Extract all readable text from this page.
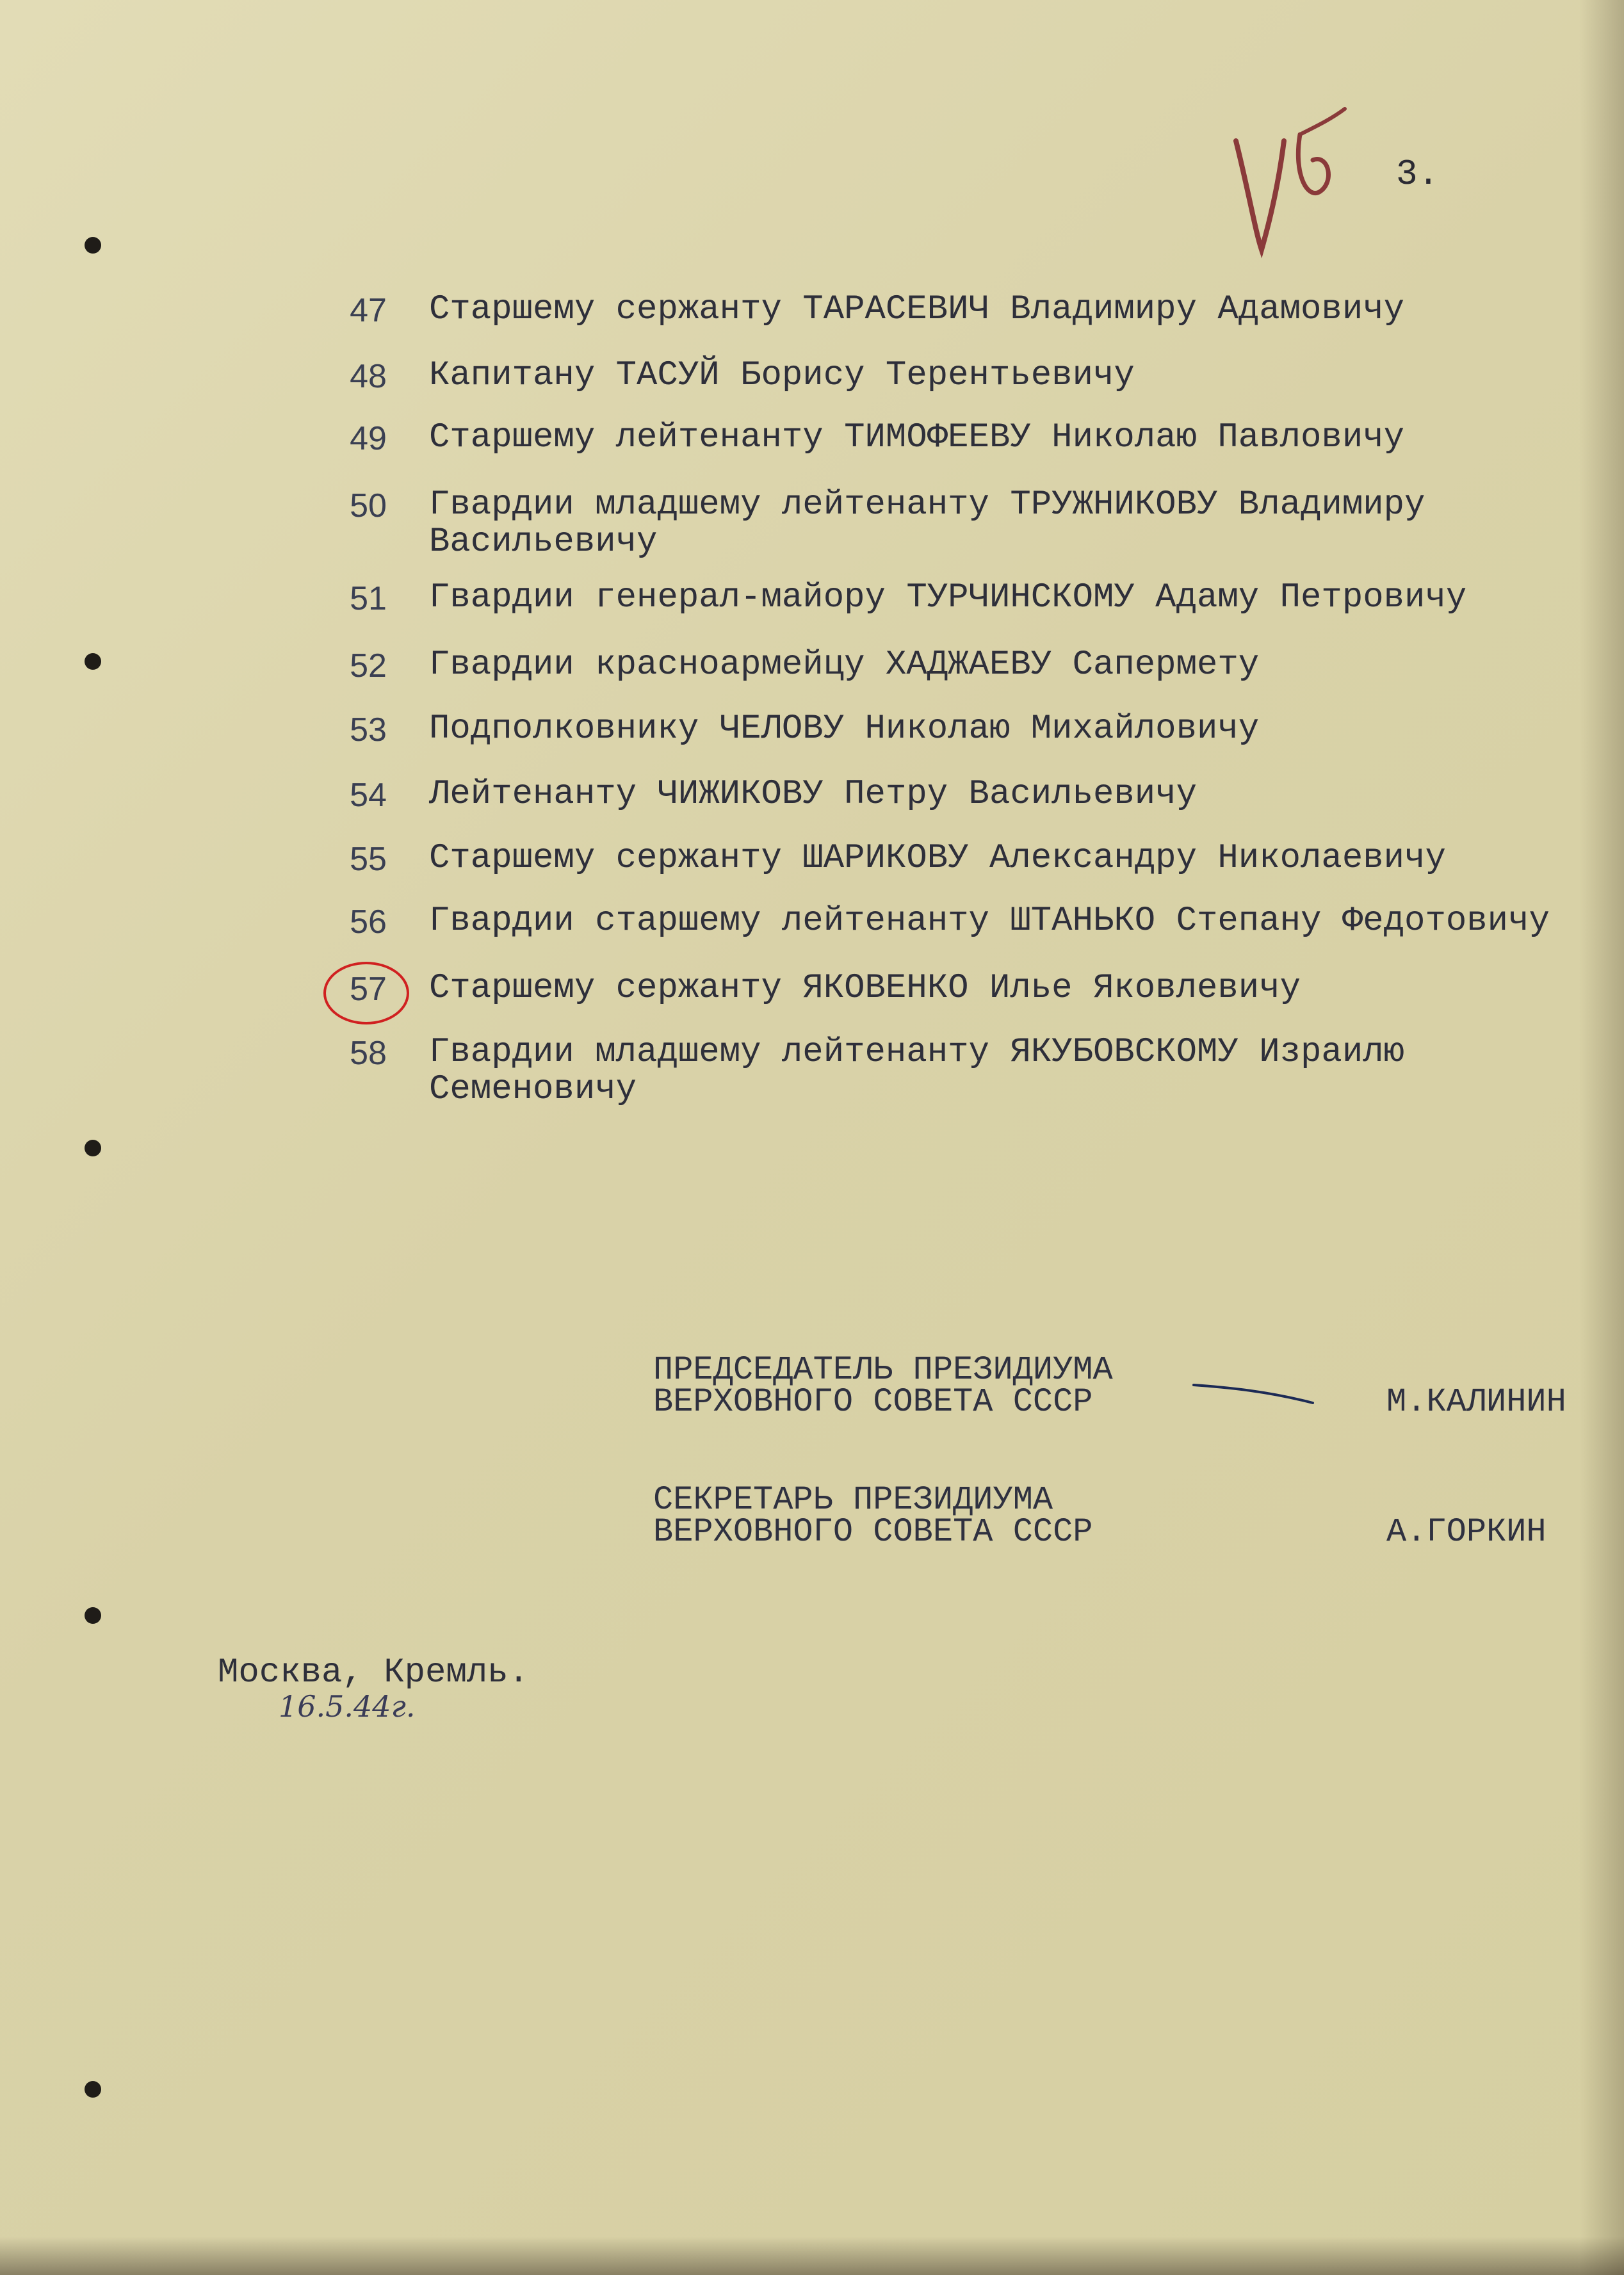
3.
47 Старшему сержанту ТАРАСЕВИЧ Владимиру Адамовичу
48 Капитану ТАСУЙ Борису Терентьевичу
49 Старшему лейтенанту ТИМОФЕЕВУ Николаю Павловичу
50 Гвардии младшему лейтенанту ТРУЖНИКОВУ Владимиру
Васильевичу
51 Гвардии генерал-майору ТУРЧИНСКОМУ Адаму Петровичу
52 Гвардии красноармейцу ХАДЖАЕВУ Сапермету
53 Подполковнику ЧЕЛОВУ Николаю Михайловичу
54 Лейтенанту ЧИЖИКОВУ Петру Васильевичу
55 Старшему сержанту ШАРИКОВУ Александру Николаевичу
56 Гвардии старшему лейтенанту ШТАНЬКО Степану Федотовичу
57 Старшему сержанту ЯКОВЕНКО Илье Яковлевичу
58 Гвардии младшему лейтенанту ЯКУБОВСКОМУ Израилю
Семеновичу
ПРЕДСЕДАТЕЛЬ ПРЕЗИДИУМА
ВЕРХОВНОГО СОВЕТА СССР	М.КАЛИНИН
СЕКРЕТАРЬ ПРЕЗИДИУМА
ВЕРХОВНОГО СОВЕТА СССР	А.ГОРКИН
Москва, Кремль.
16.5.44г.
